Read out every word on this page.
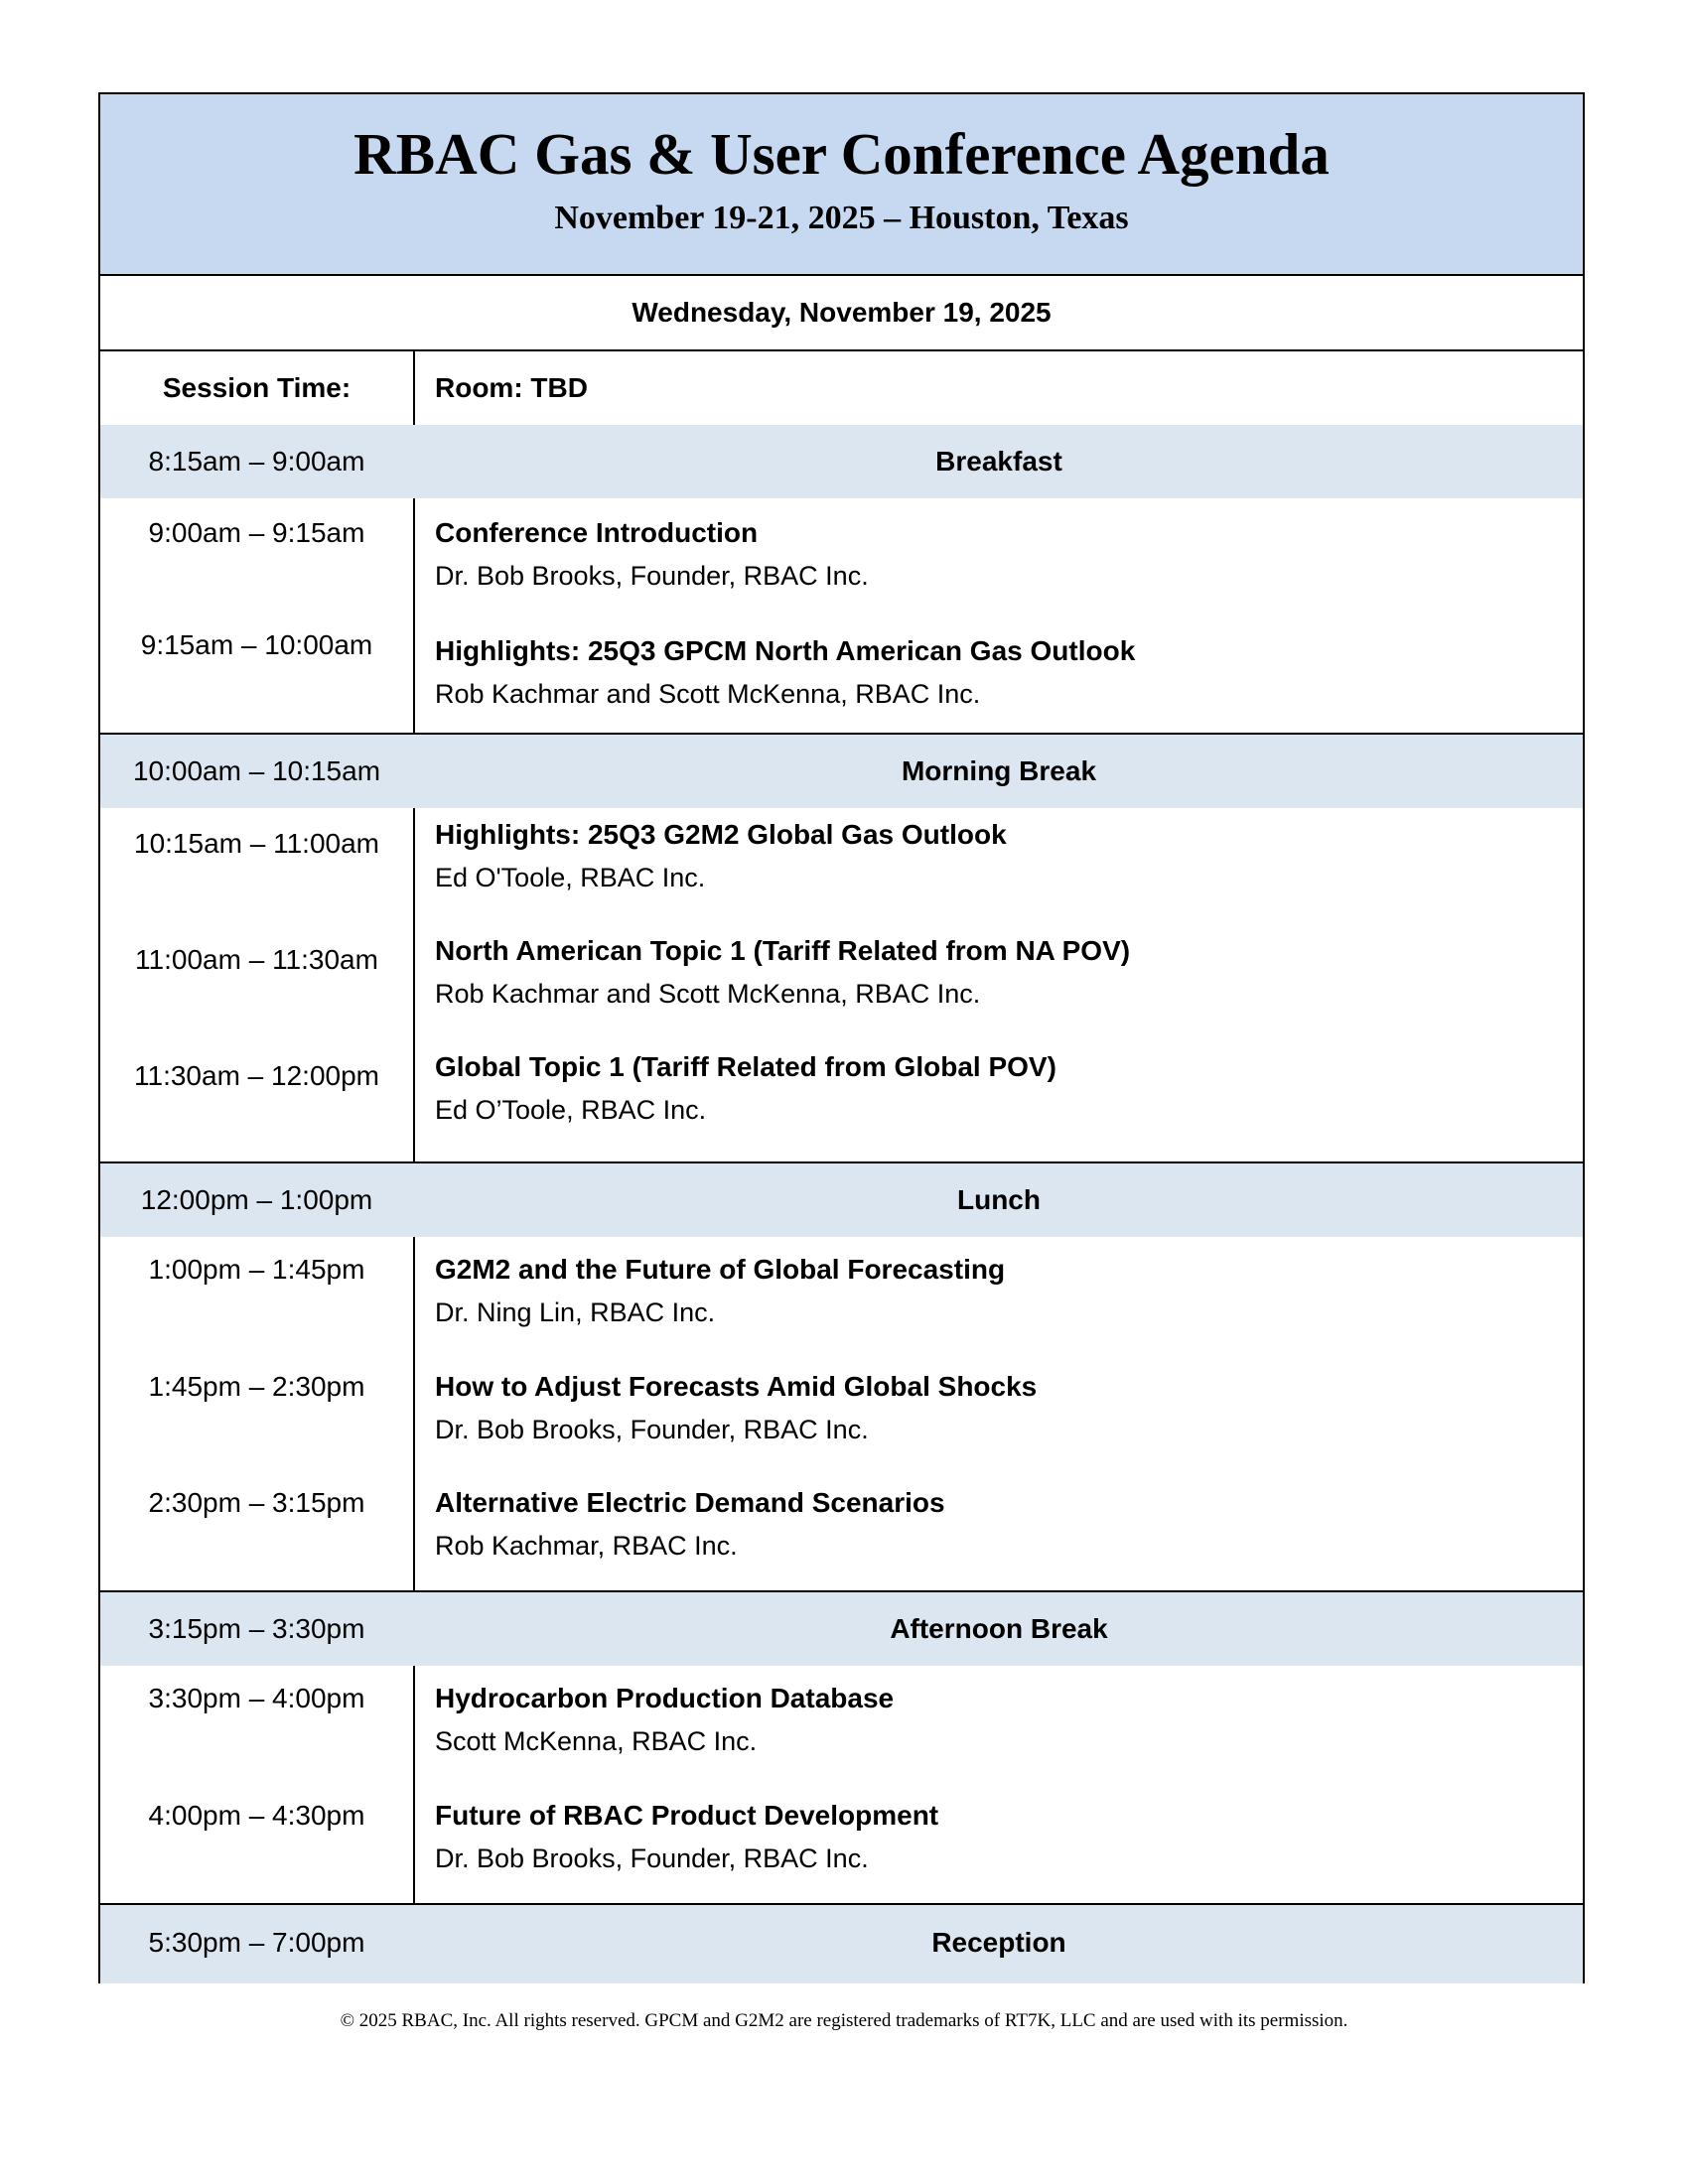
RBAC Gas & User Conference Agenda
November 19-21, 2025 – Houston, Texas
Wednesday, November 19, 2025
Session Time:	Room: TBD
8:15am – 9:00am	Breakfast
9:00am – 9:15am	Conference Introduction
Dr. Bob Brooks, Founder, RBAC Inc.
9:15am – 10:00am	Highlights: 25Q3 GPCM North American Gas Outlook
Rob Kachmar and Scott McKenna, RBAC Inc.
10:00am – 10:15am	Morning Break
10:15am – 11:00am	Highlights: 25Q3 G2M2 Global Gas Outlook
Ed O'Toole, RBAC Inc.
11:00am – 11:30am	North American Topic 1 (Tariff Related from NA POV)
Rob Kachmar and Scott McKenna, RBAC Inc.
11:30am – 12:00pm	Global Topic 1 (Tariff Related from Global POV)
Ed O’Toole, RBAC Inc.
12:00pm – 1:00pm	Lunch
1:00pm – 1:45pm	G2M2 and the Future of Global Forecasting
Dr. Ning Lin, RBAC Inc.
1:45pm – 2:30pm	How to Adjust Forecasts Amid Global Shocks
Dr. Bob Brooks, Founder, RBAC Inc.
2:30pm – 3:15pm	Alternative Electric Demand Scenarios
Rob Kachmar, RBAC Inc.
3:15pm – 3:30pm	Afternoon Break
3:30pm – 4:00pm	Hydrocarbon Production Database
Scott McKenna, RBAC Inc.
4:00pm – 4:30pm	Future of RBAC Product Development
Dr. Bob Brooks, Founder, RBAC Inc.
5:30pm – 7:00pm	Reception
© 2025 RBAC, Inc. All rights reserved. GPCM and G2M2 are registered trademarks of RT7K, LLC and are used with its permission.
